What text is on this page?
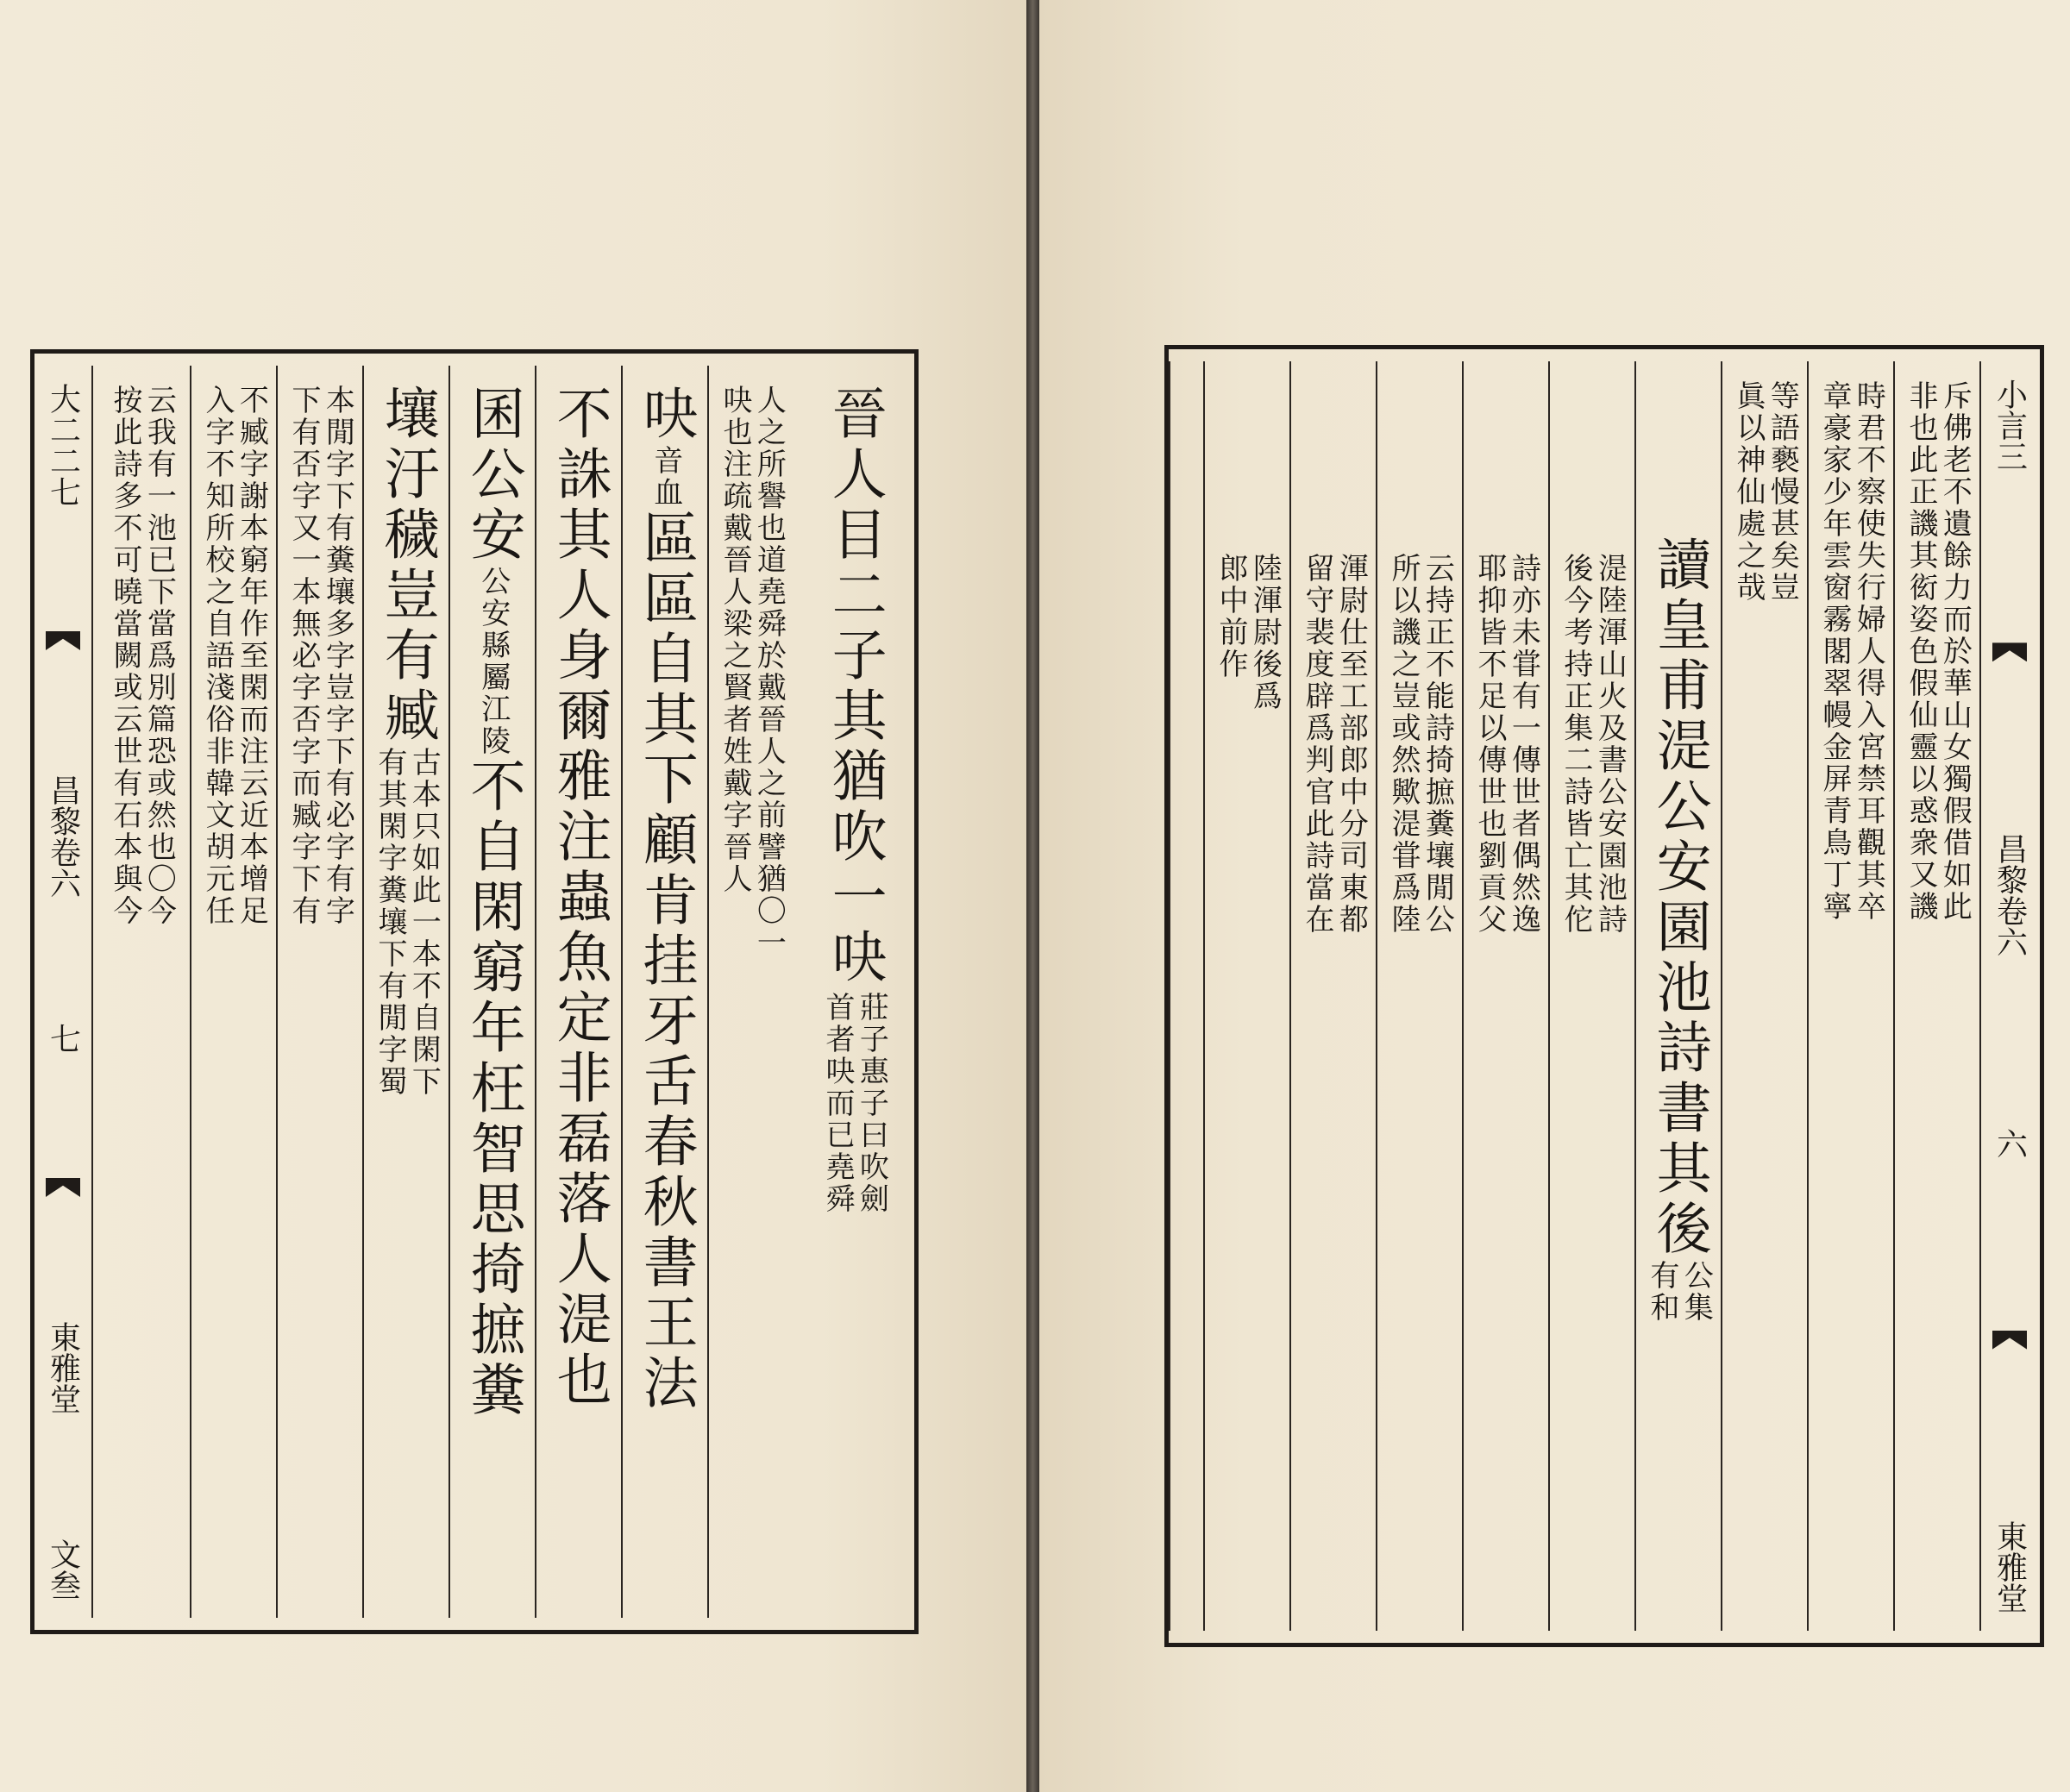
大二二七
昌黎卷六
七
東雅堂
文叁
晉人目二子其猶吹一吷
莊子惠子曰吹劍
首者吷而已堯舜
人之所譽也道堯舜於戴晉人之前譬猶〇一
吷也注疏戴晉人梁之賢者姓戴字晉人
吷
音血
區區自其下顧肯挂牙舌春秋書王法
不誅其人身爾雅注蟲魚定非磊落人湜也
囷公安
公安縣屬江陵
不自閑窮年枉智思掎摭糞
壤汙穢豈有臧
古本只如此一本不自閑下
有其閑字糞壤下有閒字蜀
本閒字下有糞壤多字豈字下有必字有字
下有否字又一本無必字否字而臧字下有
不臧字謝本窮年作至閑而注云近本增足
入字不知所校之自語淺俗非韓文胡元任
云我有一池已下當爲別篇恐或然也〇今
按此詩多不可曉當闕或云世有石本與今	小言三
昌黎卷六
六
東雅堂
斥佛老不遺餘力而於華山女獨假借如此
非也此正譏其衒姿色假仙靈以惑衆又譏
時君不察使失行婦人得入宮禁耳觀其卒
章豪家少年雲窗霧閣翠幔金屏青鳥丁寧
等語褻慢甚矣豈
眞以神仙處之哉
讀皇甫湜公安園池詩書其後
公集
有和
湜陸渾山火及書公安園池詩
後今考持正集二詩皆亡其佗
詩亦未甞有一傳世者偶然逸
耶抑皆不足以傳世也劉貢父
云持正不能詩掎摭糞壤閒公
所以譏之豈或然歟湜甞爲陸
渾尉仕至工部郎中分司東都
留守裴度辟爲判官此詩當在
陸渾尉後爲
郎中前作
